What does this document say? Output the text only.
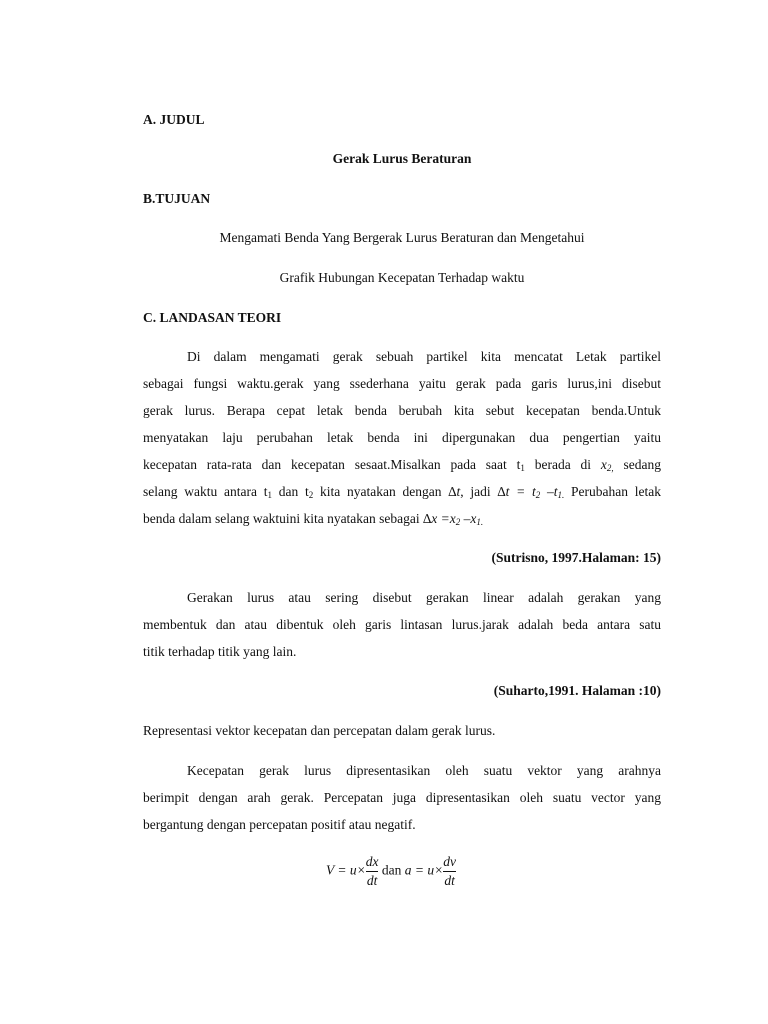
A. JUDUL
Gerak Lurus Beraturan
B.TUJUAN
Mengamati Benda Yang Bergerak Lurus Beraturan dan Mengetahui
Grafik Hubungan Kecepatan Terhadap waktu
C. LANDASAN TEORI
Di dalam mengamati gerak sebuah partikel kita mencatat Letak partikel
sebagai fungsi waktu.gerak yang ssederhana yaitu gerak pada garis lurus,ini disebut
gerak lurus. Berapa cepat letak benda berubah kita sebut kecepatan benda.Untuk
menyatakan laju perubahan letak benda ini dipergunakan dua pengertian yaitu
kecepatan rata-rata dan kecepatan sesaat.Misalkan pada saat $t_1$ berada di $x_{2,}$ sedang
selang waktu antara $t_1$ dan $t_2$ kita nyatakan dengan ∆t, jadi $\Delta t = t_2$ $-t_{1.}$ Perubahan letak
benda dalam selang waktuini kita nyatakan sebagai $\Delta x =x_2$ $-x_{1.}$
(Sutrisno, 1997.Halaman: 15)
Gerakan lurus atau sering disebut gerakan linear adalah gerakan yang
membentuk dan atau dibentuk oleh garis lintasan lurus.jarak adalah beda antara satu
titik terhadap titik yang lain.
(Suharto,1991. Halaman :10)
Representasi vektor kecepatan dan percepatan dalam gerak lurus.
Kecepatan gerak lurus dipresentasikan oleh suatu vektor yang arahnya
berimpit dengan arah gerak. Percepatan juga dipresentasikan oleh suatu vector yang
bergantung dengan percepatan positif atau negatif.
$V = u\times \frac{dx}{dt}$ dan $a = u\times \frac{dv}{dt}$
